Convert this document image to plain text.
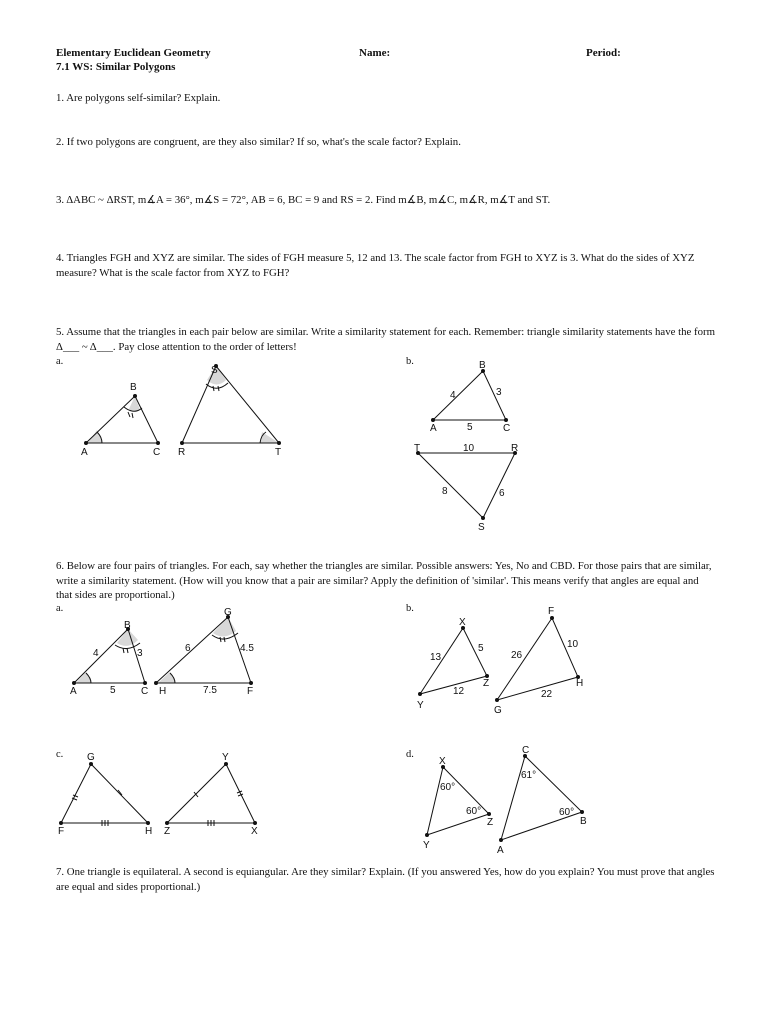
Elementary Euclidean Geometry
7.1 WS: Similar Polygons
Name:	Period:
1. Are polygons self-similar? Explain.
2. If two polygons are congruent, are they also similar? If so, what's the scale factor? Explain.
3. ΔABC ~ ΔRST, m∡A = 36°, m∡S = 72°, AB = 6, BC = 9 and RS = 2. Find m∡B, m∡C, m∡R, m∡T and ST.
4. Triangles FGH and XYZ are similar. The sides of FGH measure 5, 12 and 13. The scale factor from FGH to XYZ is 3. What do the sides of XYZ measure? What is the scale factor from XYZ to FGH?
5. Assume that the triangles in each pair below are similar. Write a similarity statement for each. Remember: triangle similarity statements have the form Δ___ ~ Δ___. Pay close attention to the order of letters!
6. Below are four pairs of triangles. For each, say whether the triangles are similar. Possible answers: Yes, No and CBD. For those pairs that are similar, write a similarity statement. (How will you know that a pair are similar? Apply the definition of 'similar'. This means verify that angles are equal and that sides are proportional.)
7. One triangle is equilateral. A second is equiangular. Are they similar? Explain. (If you answered Yes, how do you explain? You must prove that angles are equal and sides proportional.)
a.	b.
a.	b.
c.	d.
B
A	C
S
R	T
B
A	C
4	3
5
T	R
S
10
8	6
B
A	C
4	3
5
G
H	F
6	4.5
7.5
X
Y
Z
13
5
12
F
G
H
26
10
22
G
F	H
Y
Z	X
X
Y
Z
60°
60°
C
A
B
61°
60°
